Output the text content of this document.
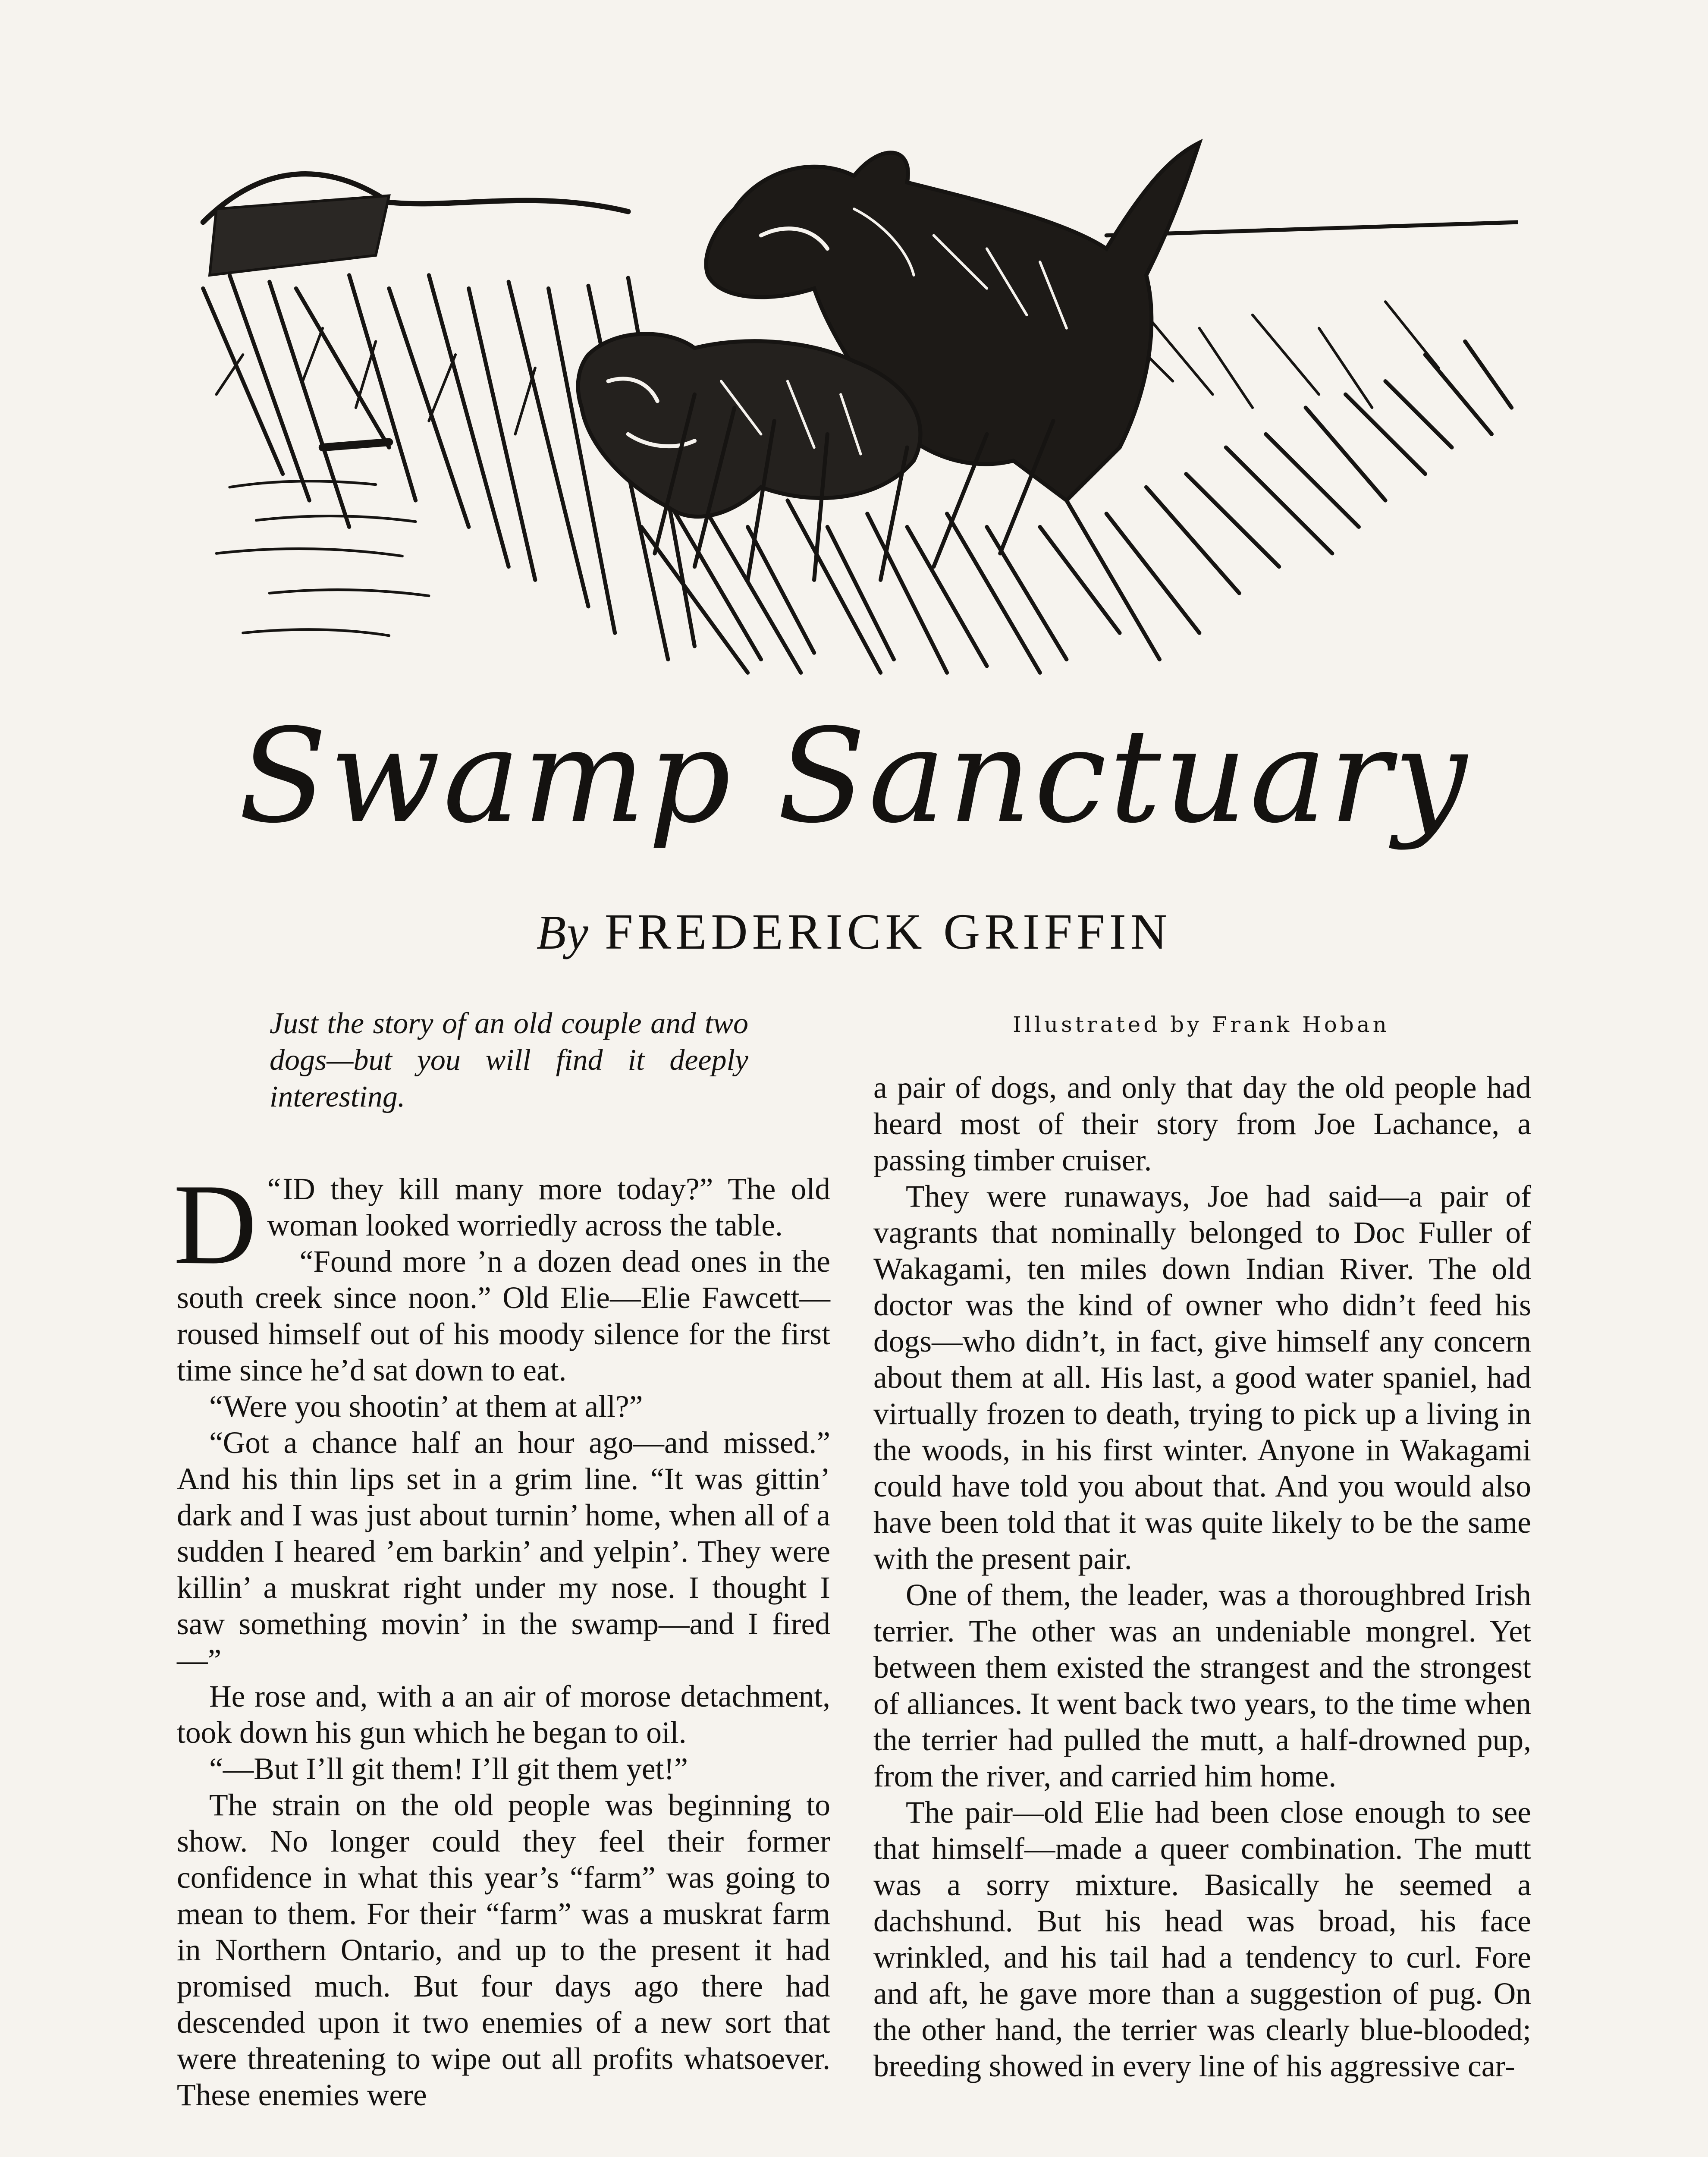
Swamp Sanctuary
By FREDERICK GRIFFIN
Just the story of an old couple and two dogs—but you will find it deeply interesting.
Illustrated by Frank Hoban

“
D ID they kill many more today?” The old woman looked worriedly across the table.

“Found more ’n a dozen dead ones in the south creek since noon.” Old Elie—Elie Fawcett—roused himself out of his moody silence for the first time since he’d sat down to eat.

“Were you shootin’ at them at all?”

“Got a chance half an hour ago—and missed.” And his thin lips set in a grim line. “It was gittin’ dark and I was just about turnin’ home, when all of a sudden I heared ’em barkin’ and yelpin’. They were killin’ a muskrat right under my nose. I thought I saw something movin’ in the swamp—and I fired—”

He rose and, with a an air of morose detachment, took down his gun which he began to oil.

“—But I’ll git them! I’ll git them yet!”

The strain on the old people was beginning to show. No longer could they feel their former confidence in what this year’s “farm” was going to mean to them. For their “farm” was a muskrat farm in Northern Ontario, and up to the present it had promised much. But four days ago there had descended upon it two enemies of a new sort that were threatening to wipe out all profits whatsoever. These enemies were

a pair of dogs, and only that day the old people had heard most of their story from Joe Lachance, a passing timber cruiser.

They were runaways, Joe had said—a pair of vagrants that nominally belonged to Doc Fuller of Wakagami, ten miles down Indian River. The old doctor was the kind of owner who didn’t feed his dogs—who didn’t, in fact, give himself any concern about them at all. His last, a good water spaniel, had virtually frozen to death, trying to pick up a living in the woods, in his first winter. Anyone in Wakagami could have told you about that. And you would also have been told that it was quite likely to be the same with the present pair.

One of them, the leader, was a thoroughbred Irish terrier. The other was an undeniable mongrel. Yet between them existed the strangest and the strongest of alliances. It went back two years, to the time when the terrier had pulled the mutt, a half-drowned pup, from the river, and carried him home.

The pair—old Elie had been close enough to see that himself—made a queer combination. The mutt was a sorry mixture. Basically he seemed a dachshund. But his head was broad, his face wrinkled, and his tail had a tendency to curl. Fore and aft, he gave more than a suggestion of pug. On the other hand, the terrier was clearly blue-blooded; breeding showed in every line of his aggressive car-
